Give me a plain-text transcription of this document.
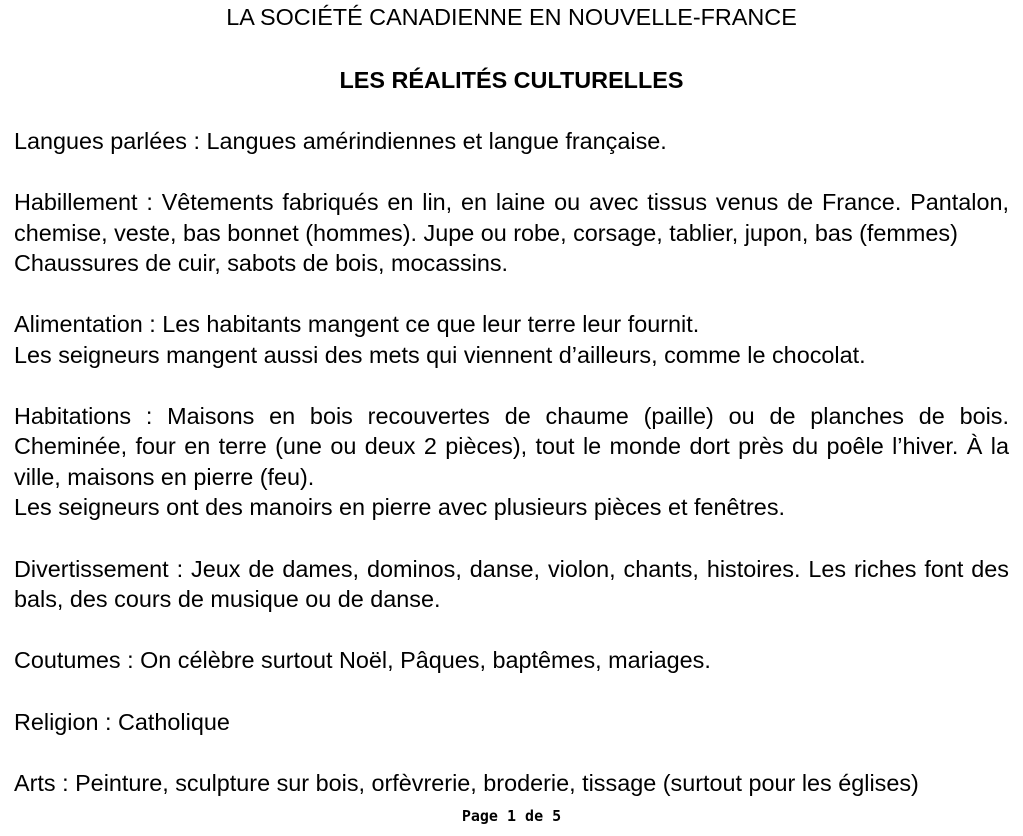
LA SOCIÉTÉ CANADIENNE EN NOUVELLE-FRANCE
LES RÉALITÉS CULTURELLES

Langues parlées : Langues amérindiennes et langue française.

Habillement : Vêtements fabriqués en lin, en laine ou avec tissus venus de France. Pantalon, chemise, veste, bas bonnet (hommes). Jupe ou robe, corsage, tablier, jupon, bas (femmes)
Chaussures de cuir, sabots de bois, mocassins.

Alimentation : Les habitants mangent ce que leur terre leur fournit.
Les seigneurs mangent aussi des mets qui viennent d’ailleurs, comme le chocolat.

Habitations : Maisons en bois recouvertes de chaume (paille) ou de planches de bois. Cheminée, four en terre (une ou deux 2 pièces), tout le monde dort près du poêle l’hiver. À la ville, maisons en pierre (feu).
Les seigneurs ont des manoirs en pierre avec plusieurs pièces et fenêtres.

Divertissement : Jeux de dames, dominos, danse, violon, chants, histoires. Les riches font des bals, des cours de musique ou de danse.

Coutumes : On célèbre surtout Noël, Pâques, baptêmes, mariages.

Religion : Catholique

Arts : Peinture, sculpture sur bois, orfèvrerie, broderie, tissage (surtout pour les églises)

Page 1 de 5
